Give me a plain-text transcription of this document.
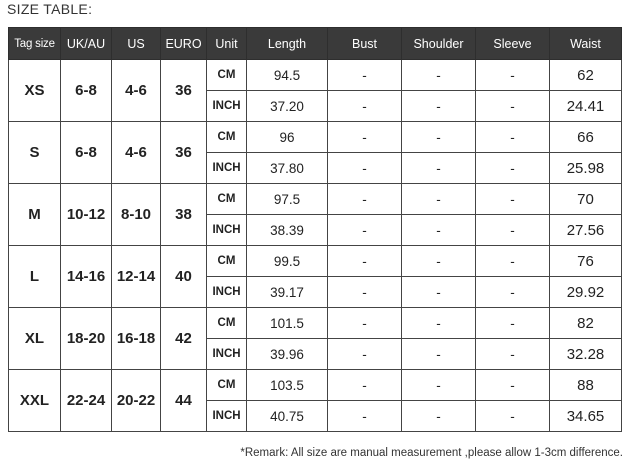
SIZE TABLE:
Tag size	UK/AU	US	EURO	Unit	Length	Bust	Shoulder	Sleeve	Waist
XS	6-8	4-6	36	CM	94.5	-	-	-	62
				INCH	37.20	-	-	-	24.41
S	6-8	4-6	36	CM	96	-	-	-	66
				INCH	37.80	-	-	-	25.98
M	10-12	8-10	38	CM	97.5	-	-	-	70
				INCH	38.39	-	-	-	27.56
L	14-16	12-14	40	CM	99.5	-	-	-	76
				INCH	39.17	-	-	-	29.92
XL	18-20	16-18	42	CM	101.5	-	-	-	82
				INCH	39.96	-	-	-	32.28
XXL	22-24	20-22	44	CM	103.5	-	-	-	88
				INCH	40.75	-	-	-	34.65
*Remark: All size are manual measurement ,please allow 1-3cm difference.
